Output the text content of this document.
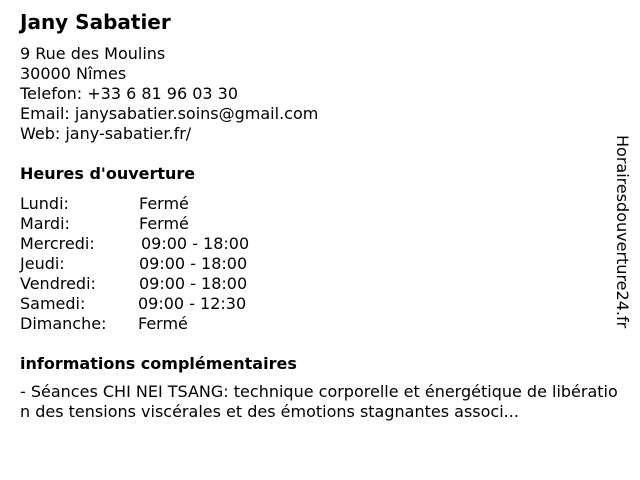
Jany Sabatier
9 Rue des Moulins
30000 Nîmes
Telefon: +33 6 81 96 03 30
Email: janysabatier.soins@gmail.com
Web: jany-sabatier.fr/
Heures d'ouverture
Lundi:	Fermé
Mardi:	Fermé
Mercredi:	09:00 - 18:00
Jeudi:	09:00 - 18:00
Vendredi:	09:00 - 18:00
Samedi:	09:00 - 12:30
Dimanche: Fermé
informations complémentaires
- Séances CHI NEI TSANG: technique corporelle et énergétique de libération des tensions viscérales et des émotions stagnantes associ...
Horairesdouverture24.fr
